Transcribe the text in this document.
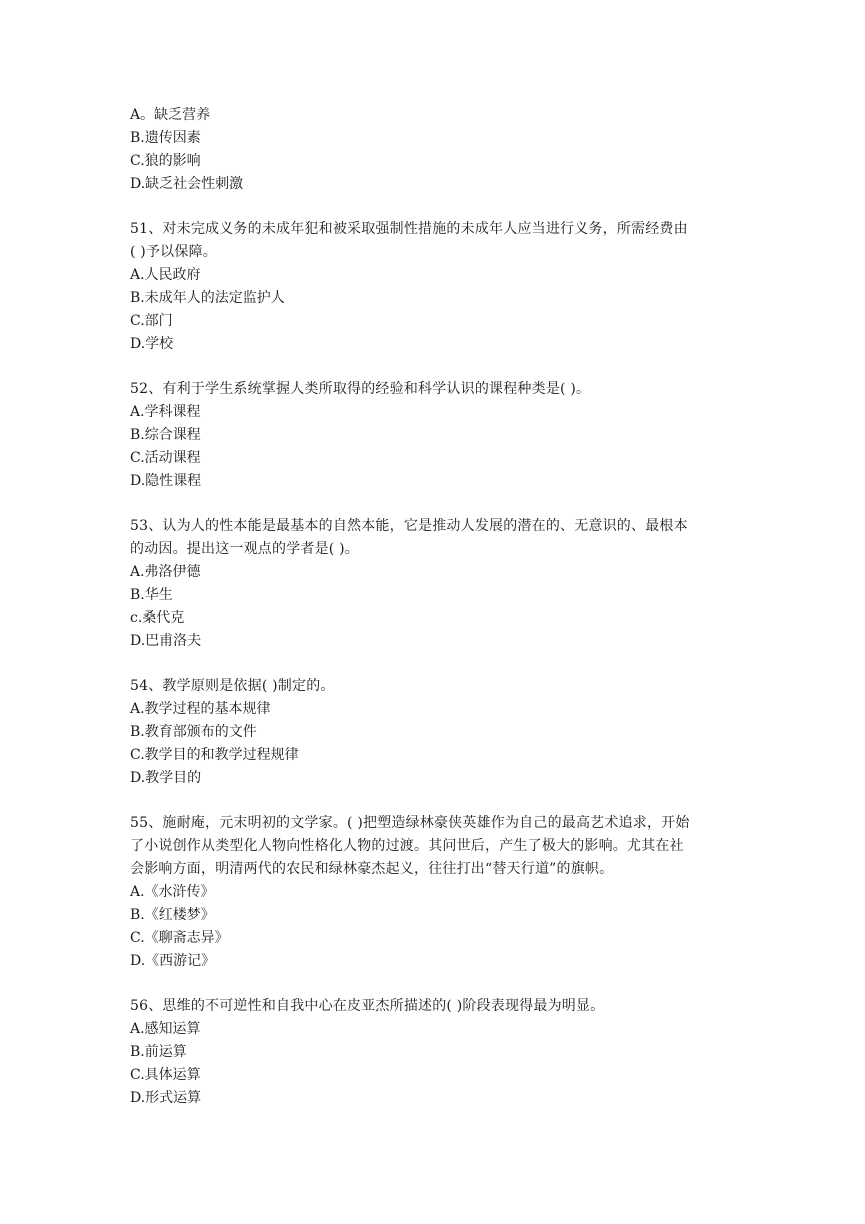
A。缺乏营养
B.遗传因素
C.狼的影响
D.缺乏社会性刺激
51、对未完成义务的未成年犯和被采取强制性措施的未成年人应当进行义务，所需经费由
( )予以保障。
A.人民政府
B.未成年人的法定监护人
C.部门
D.学校
52、有利于学生系统掌握人类所取得的经验和科学认识的课程种类是( )。
A.学科课程
B.综合课程
C.活动课程
D.隐性课程
53、认为人的性本能是最基本的自然本能，它是推动人发展的潜在的、无意识的、最根本
的动因。提出这一观点的学者是( )。
A.弗洛伊德
B.华生
c.桑代克
D.巴甫洛夫
54、教学原则是依据( )制定的。
A.教学过程的基本规律
B.教育部颁布的文件
C.教学目的和教学过程规律
D.教学目的
55、施耐庵，元末明初的文学家。( )把塑造绿林豪侠英雄作为自己的最高艺术追求，开始
了小说创作从类型化人物向性格化人物的过渡。其问世后，产生了极大的影响。尤其在社
会影响方面，明清两代的农民和绿林豪杰起义，往往打出“替天行道”的旗帜。
A.《水浒传》
B.《红楼梦》
C.《聊斋志异》
D.《西游记》
56、思维的不可逆性和自我中心在皮亚杰所描述的( )阶段表现得最为明显。
A.感知运算
B.前运算
C.具体运算
D.形式运算
